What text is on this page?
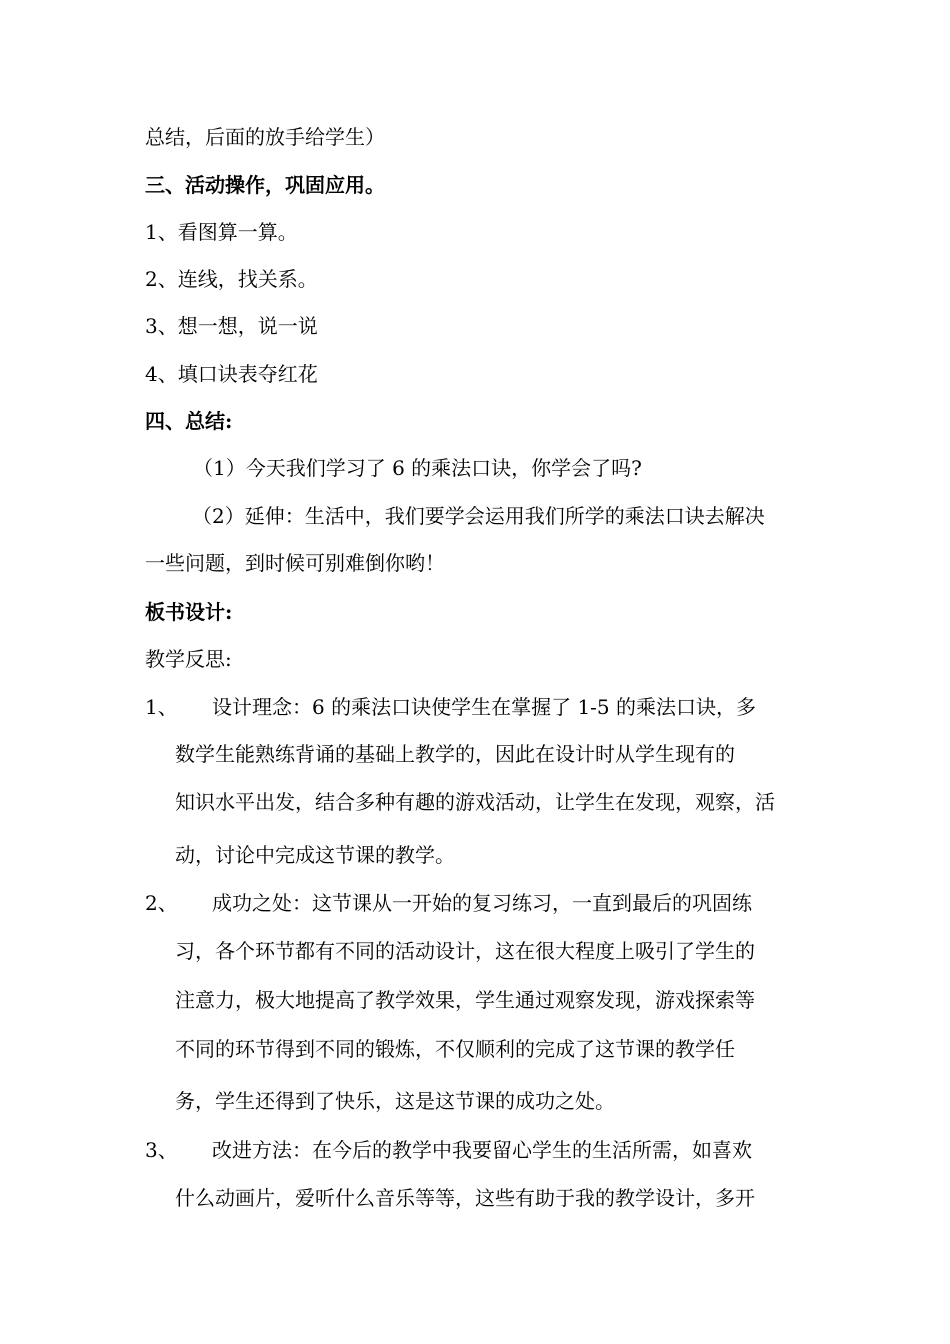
总结，后面的放手给学生）
三、活动操作，巩固应用。
1、看图算一算。
2、连线，找关系。
3、想一想，说一说
4、填口诀表夺红花
四、总结:
（1）今天我们学习了 6 的乘法口诀，你学会了吗?
（2）延伸：生活中，我们要学会运用我们所学的乘法口诀去解决
一些问题，到时候可别难倒你哟！
板书设计:
教学反思:
1、 设计理念：6 的乘法口诀使学生在掌握了 1-5 的乘法口诀，多
数学生能熟练背诵的基础上教学的，因此在设计时从学生现有的
知识水平出发，结合多种有趣的游戏活动，让学生在发现，观察，活
动，讨论中完成这节课的教学。
2、 成功之处：这节课从一开始的复习练习，一直到最后的巩固练
习，各个环节都有不同的活动设计，这在很大程度上吸引了学生的
注意力，极大地提高了教学效果，学生通过观察发现，游戏探索等
不同的环节得到不同的锻炼，不仅顺利的完成了这节课的教学任
务，学生还得到了快乐，这是这节课的成功之处。
3、 改进方法：在今后的教学中我要留心学生的生活所需，如喜欢
什么动画片，爱听什么音乐等等，这些有助于我的教学设计，多开
